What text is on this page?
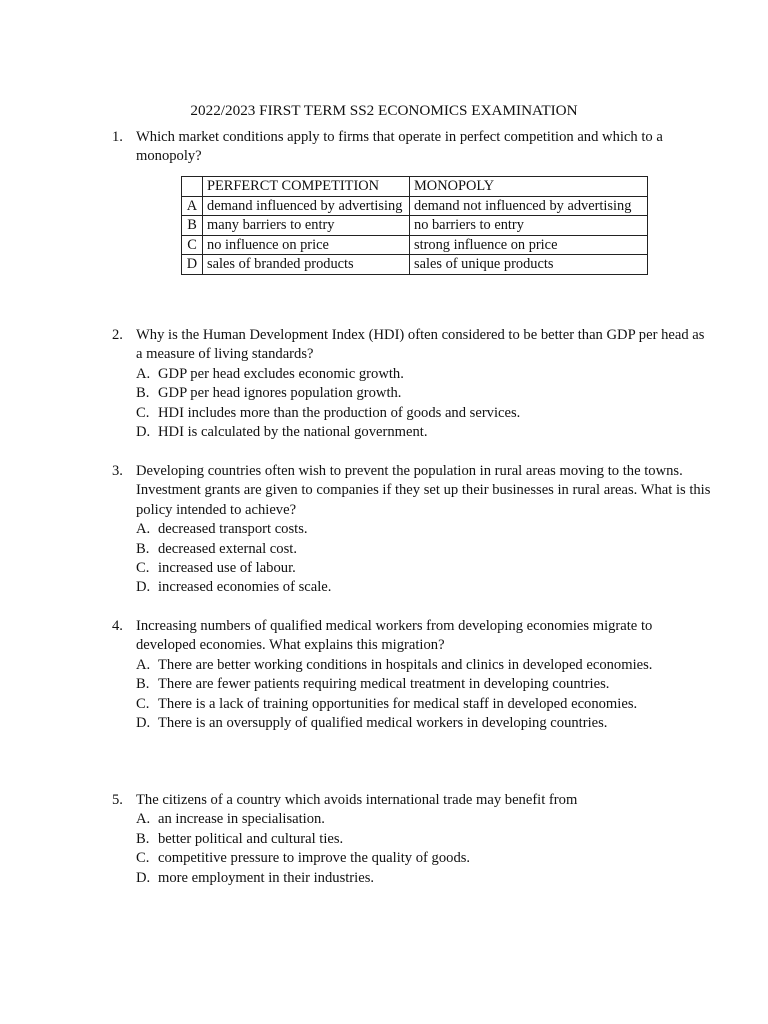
2022/2023 FIRST TERM SS2 ECONOMICS EXAMINATION
1. Which market conditions apply to firms that operate in perfect competition and which to a monopoly?
	PERFERCT COMPETITION	MONOPOLY
A	demand influenced by advertising	demand not influenced by advertising
B	many barriers to entry	no barriers to entry
C	no influence on price	strong influence on price
D	sales of branded products	sales of unique products
2. Why is the Human Development Index (HDI) often considered to be better than GDP per head as a measure of living standards?
A. GDP per head excludes economic growth.
B. GDP per head ignores population growth.
C. HDI includes more than the production of goods and services.
D. HDI is calculated by the national government.
3. Developing countries often wish to prevent the population in rural areas moving to the towns. Investment grants are given to companies if they set up their businesses in rural areas. What is this policy intended to achieve?
A. decreased transport costs.
B. decreased external cost.
C. increased use of labour.
D. increased economies of scale.
4. Increasing numbers of qualified medical workers from developing economies migrate to developed economies. What explains this migration?
A. There are better working conditions in hospitals and clinics in developed economies.
B. There are fewer patients requiring medical treatment in developing countries.
C. There is a lack of training opportunities for medical staff in developed economies.
D. There is an oversupply of qualified medical workers in developing countries.
5. The citizens of a country which avoids international trade may benefit from
A. an increase in specialisation.
B. better political and cultural ties.
C. competitive pressure to improve the quality of goods.
D. more employment in their industries.
